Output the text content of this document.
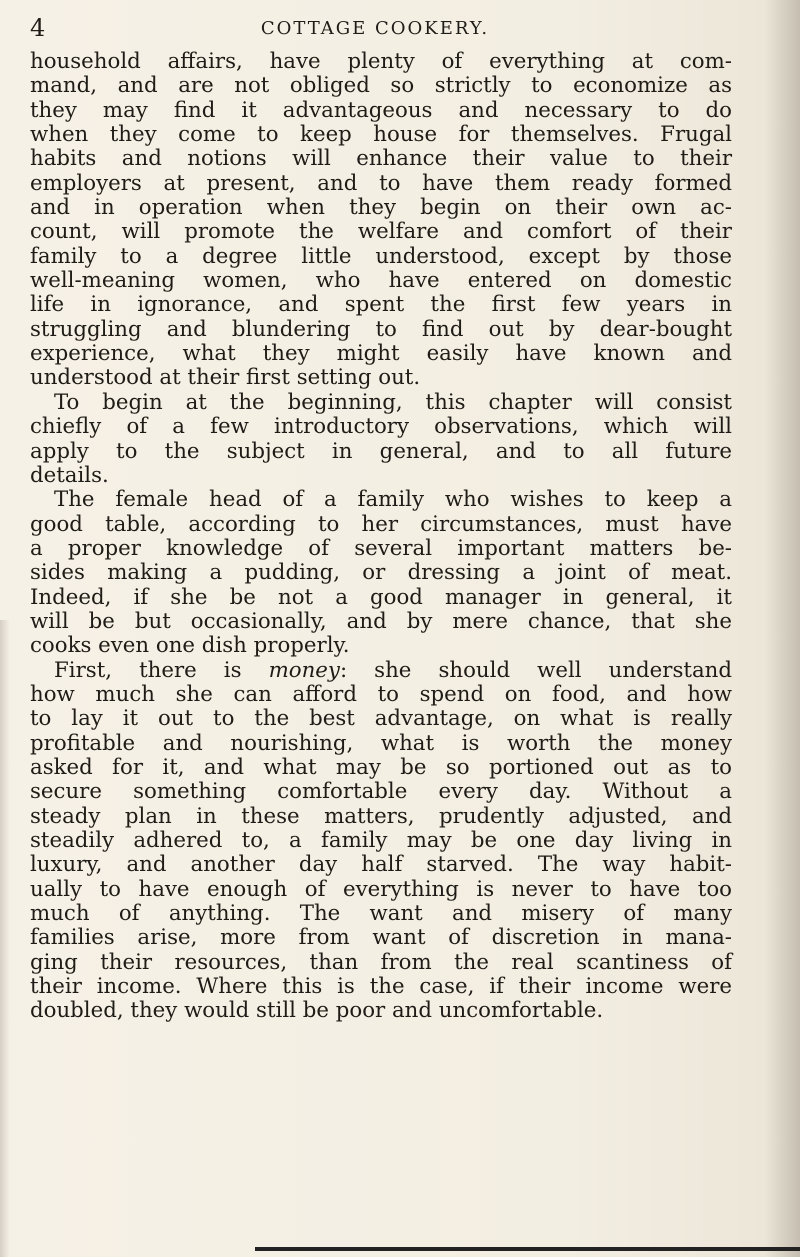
4	COTTAGE COOKERY.
household affairs, have plenty of everything at com-
mand, and are not obliged so strictly to economize as
they may find it advantageous and necessary to do
when they come to keep house for themselves. Frugal
habits and notions will enhance their value to their
employers at present, and to have them ready formed
and in operation when they begin on their own ac-
count, will promote the welfare and comfort of their
family to a degree little understood, except by those
well-meaning women, who have entered on domestic
life in ignorance, and spent the first few years in
struggling and blundering to find out by dear-bought
experience, what they might easily have known and
understood at their first setting out.
To begin at the beginning, this chapter will consist
chiefly of a few introductory observations, which will
apply to the subject in general, and to all future
details.
The female head of a family who wishes to keep a
good table, according to her circumstances, must have
a proper knowledge of several important matters be-
sides making a pudding, or dressing a joint of meat.
Indeed, if she be not a good manager in general, it
will be but occasionally, and by mere chance, that she
cooks even one dish properly.
First, there is money: she should well understand
how much she can afford to spend on food, and how
to lay it out to the best advantage, on what is really
profitable and nourishing, what is worth the money
asked for it, and what may be so portioned out as to
secure something comfortable every day. Without a
steady plan in these matters, prudently adjusted, and
steadily adhered to, a family may be one day living in
luxury, and another day half starved. The way habit-
ually to have enough of everything is never to have too
much of anything. The want and misery of many
families arise, more from want of discretion in mana-
ging their resources, than from the real scantiness of
their income. Where this is the case, if their income were
doubled, they would still be poor and uncomfortable.
